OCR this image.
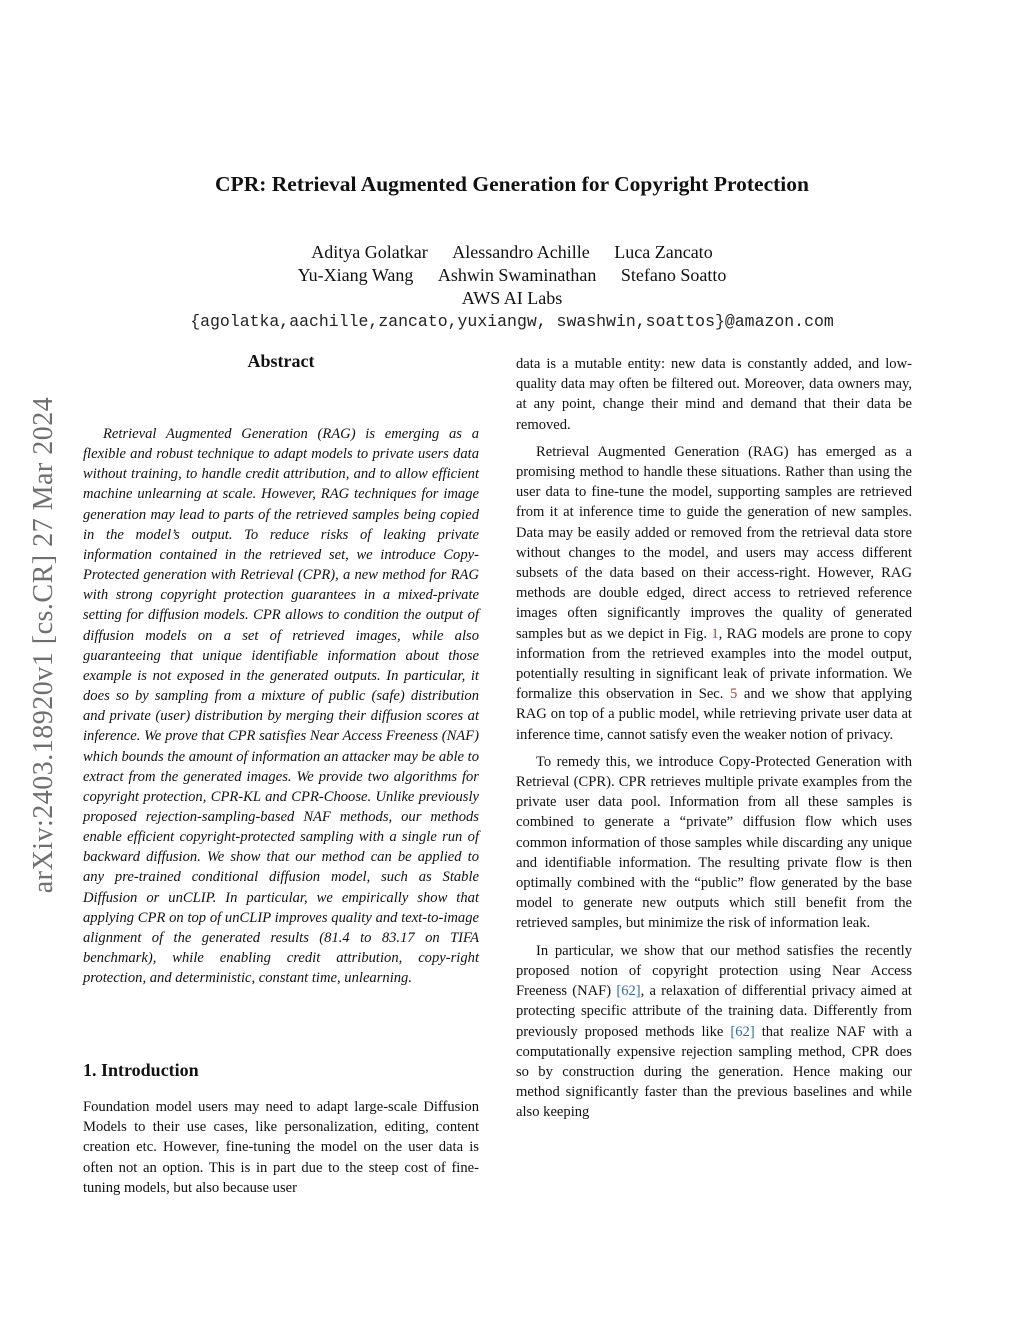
arXiv:2403.18920v1 [cs.CR] 27 Mar 2024
CPR: Retrieval Augmented Generation for Copyright Protection
Aditya Golatkar Alessandro Achille Luca Zancato
Yu-Xiang Wang Ashwin Swaminathan Stefano Soatto
AWS AI Labs
{agolatka,aachille,zancato,yuxiangw, swashwin,soattos}@amazon.com
Abstract
Retrieval Augmented Generation (RAG) is emerging as a flexible and robust technique to adapt models to private users data without training, to handle credit attribution, and to allow efficient machine unlearning at scale. However, RAG techniques for image generation may lead to parts of the retrieved samples being copied in the model’s output. To reduce risks of leaking private information contained in the retrieved set, we introduce Copy-Protected generation with Retrieval (CPR), a new method for RAG with strong copyright protection guarantees in a mixed-private setting for diffusion models. CPR allows to condition the output of diffusion models on a set of retrieved images, while also guaranteeing that unique identifiable information about those example is not exposed in the generated outputs. In particular, it does so by sampling from a mixture of public (safe) distribution and private (user) distribution by merging their diffusion scores at inference. We prove that CPR satisfies Near Access Freeness (NAF) which bounds the amount of information an attacker may be able to extract from the generated images. We provide two algorithms for copyright protection, CPR-KL and CPR-Choose. Unlike previously proposed rejection-sampling-based NAF methods, our methods enable efficient copyright-protected sampling with a single run of backward diffusion. We show that our method can be applied to any pre-trained conditional diffusion model, such as Stable Diffusion or unCLIP. In particular, we empirically show that applying CPR on top of unCLIP improves quality and text-to-image alignment of the generated results (81.4 to 83.17 on TIFA benchmark), while enabling credit attribution, copy-right protection, and deterministic, constant time, unlearning.
1. Introduction
Foundation model users may need to adapt large-scale Diffusion Models to their use cases, like personalization, editing, content creation etc. However, fine-tuning the model on the user data is often not an option. This is in part due to the steep cost of fine-tuning models, but also because user

data is a mutable entity: new data is constantly added, and low-quality data may often be filtered out. Moreover, data owners may, at any point, change their mind and demand that their data be removed.

Retrieval Augmented Generation (RAG) has emerged as a promising method to handle these situations. Rather than using the user data to fine-tune the model, supporting samples are retrieved from it at inference time to guide the generation of new samples. Data may be easily added or removed from the retrieval data store without changes to the model, and users may access different subsets of the data based on their access-right. However, RAG methods are double edged, direct access to retrieved reference images often significantly improves the quality of generated samples but as we depict in Fig. 1, RAG models are prone to copy information from the retrieved examples into the model output, potentially resulting in significant leak of private information. We formalize this observation in Sec. 5 and we show that applying RAG on top of a public model, while retrieving private user data at inference time, cannot satisfy even the weaker notion of privacy.

To remedy this, we introduce Copy-Protected Generation with Retrieval (CPR). CPR retrieves multiple private examples from the private user data pool. Information from all these samples is combined to generate a “private” diffusion flow which uses common information of those samples while discarding any unique and identifiable information. The resulting private flow is then optimally combined with the “public” flow generated by the base model to generate new outputs which still benefit from the retrieved samples, but minimize the risk of information leak.

In particular, we show that our method satisfies the recently proposed notion of copyright protection using Near Access Freeness (NAF) [62], a relaxation of differential privacy aimed at protecting specific attribute of the training data. Differently from previously proposed methods like [62] that realize NAF with a computationally expensive rejection sampling method, CPR does so by construction during the generation. Hence making our method significantly faster than the previous baselines and while also keeping
